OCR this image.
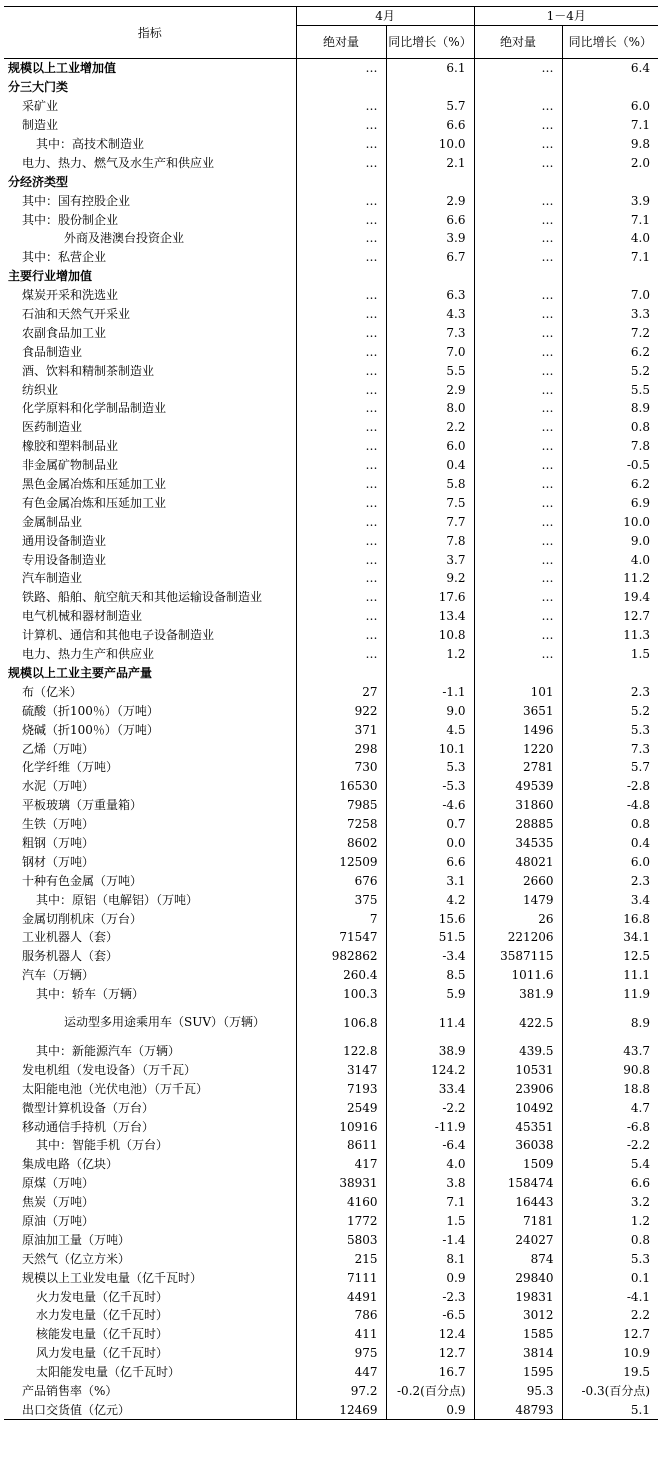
指标	4月		1－4月	
	绝对量	同比增长（%）	绝对量	同比增长（%）
规模以上工业增加值	…	6.1	…	6.4
分三大门类				
采矿业	…	5.7	…	6.0
制造业	…	6.6	…	7.1
其中：高技术制造业	…	10.0	…	9.8
电力、热力、燃气及水生产和供应业	…	2.1	…	2.0
分经济类型				
其中：国有控股企业	…	2.9	…	3.9
其中：股份制企业	…	6.6	…	7.1
外商及港澳台投资企业	…	3.9	…	4.0
其中：私营企业	…	6.7	…	7.1
主要行业增加值				
煤炭开采和洗选业	…	6.3	…	7.0
石油和天然气开采业	…	4.3	…	3.3
农副食品加工业	…	7.3	…	7.2
食品制造业	…	7.0	…	6.2
酒、饮料和精制茶制造业	…	5.5	…	5.2
纺织业	…	2.9	…	5.5
化学原料和化学制品制造业	…	8.0	…	8.9
医药制造业	…	2.2	…	0.8
橡胶和塑料制品业	…	6.0	…	7.8
非金属矿物制品业	…	0.4	…	-0.5
黑色金属冶炼和压延加工业	…	5.8	…	6.2
有色金属冶炼和压延加工业	…	7.5	…	6.9
金属制品业	…	7.7	…	10.0
通用设备制造业	…	7.8	…	9.0
专用设备制造业	…	3.7	…	4.0
汽车制造业	…	9.2	…	11.2
铁路、船舶、航空航天和其他运输设备制造业	…	17.6	…	19.4
电气机械和器材制造业	…	13.4	…	12.7
计算机、通信和其他电子设备制造业	…	10.8	…	11.3
电力、热力生产和供应业	…	1.2	…	1.5
规模以上工业主要产品产量				
布（亿米）	27	-1.1	101	2.3
硫酸（折100％）（万吨）	922	9.0	3651	5.2
烧碱（折100％）（万吨）	371	4.5	1496	5.3
乙烯（万吨）	298	10.1	1220	7.3
化学纤维（万吨）	730	5.3	2781	5.7
水泥（万吨）	16530	-5.3	49539	-2.8
平板玻璃（万重量箱）	7985	-4.6	31860	-4.8
生铁（万吨）	7258	0.7	28885	0.8
粗钢（万吨）	8602	0.0	34535	0.4
钢材（万吨）	12509	6.6	48021	6.0
十种有色金属（万吨）	676	3.1	2660	2.3
其中：原铝（电解铝）（万吨）	375	4.2	1479	3.4
金属切削机床（万台）	7	15.6	26	16.8
工业机器人（套）	71547	51.5	221206	34.1
服务机器人（套）	982862	-3.4	3587115	12.5
汽车（万辆）	260.4	8.5	1011.6	11.1
其中：轿车（万辆）	100.3	5.9	381.9	11.9
运动型多用途乘用车（SUV）（万辆）	106.8	11.4	422.5	8.9
其中：新能源汽车（万辆）	122.8	38.9	439.5	43.7
发电机组（发电设备）（万千瓦）	3147	124.2	10531	90.8
太阳能电池（光伏电池）（万千瓦）	7193	33.4	23906	18.8
微型计算机设备（万台）	2549	-2.2	10492	4.7
移动通信手持机（万台）	10916	-11.9	45351	-6.8
其中：智能手机（万台）	8611	-6.4	36038	-2.2
集成电路（亿块）	417	4.0	1509	5.4
原煤（万吨）	38931	3.8	158474	6.6
焦炭（万吨）	4160	7.1	16443	3.2
原油（万吨）	1772	1.5	7181	1.2
原油加工量（万吨）	5803	-1.4	24027	0.8
天然气（亿立方米）	215	8.1	874	5.3
规模以上工业发电量（亿千瓦时）	7111	0.9	29840	0.1
火力发电量（亿千瓦时）	4491	-2.3	19831	-4.1
水力发电量（亿千瓦时）	786	-6.5	3012	2.2
核能发电量（亿千瓦时）	411	12.4	1585	12.7
风力发电量（亿千瓦时）	975	12.7	3814	10.9
太阳能发电量（亿千瓦时）	447	16.7	1595	19.5
产品销售率（%）	97.2	-0.2(百分点)	95.3	-0.3(百分点)
出口交货值（亿元）	12469	0.9	48793	5.1
